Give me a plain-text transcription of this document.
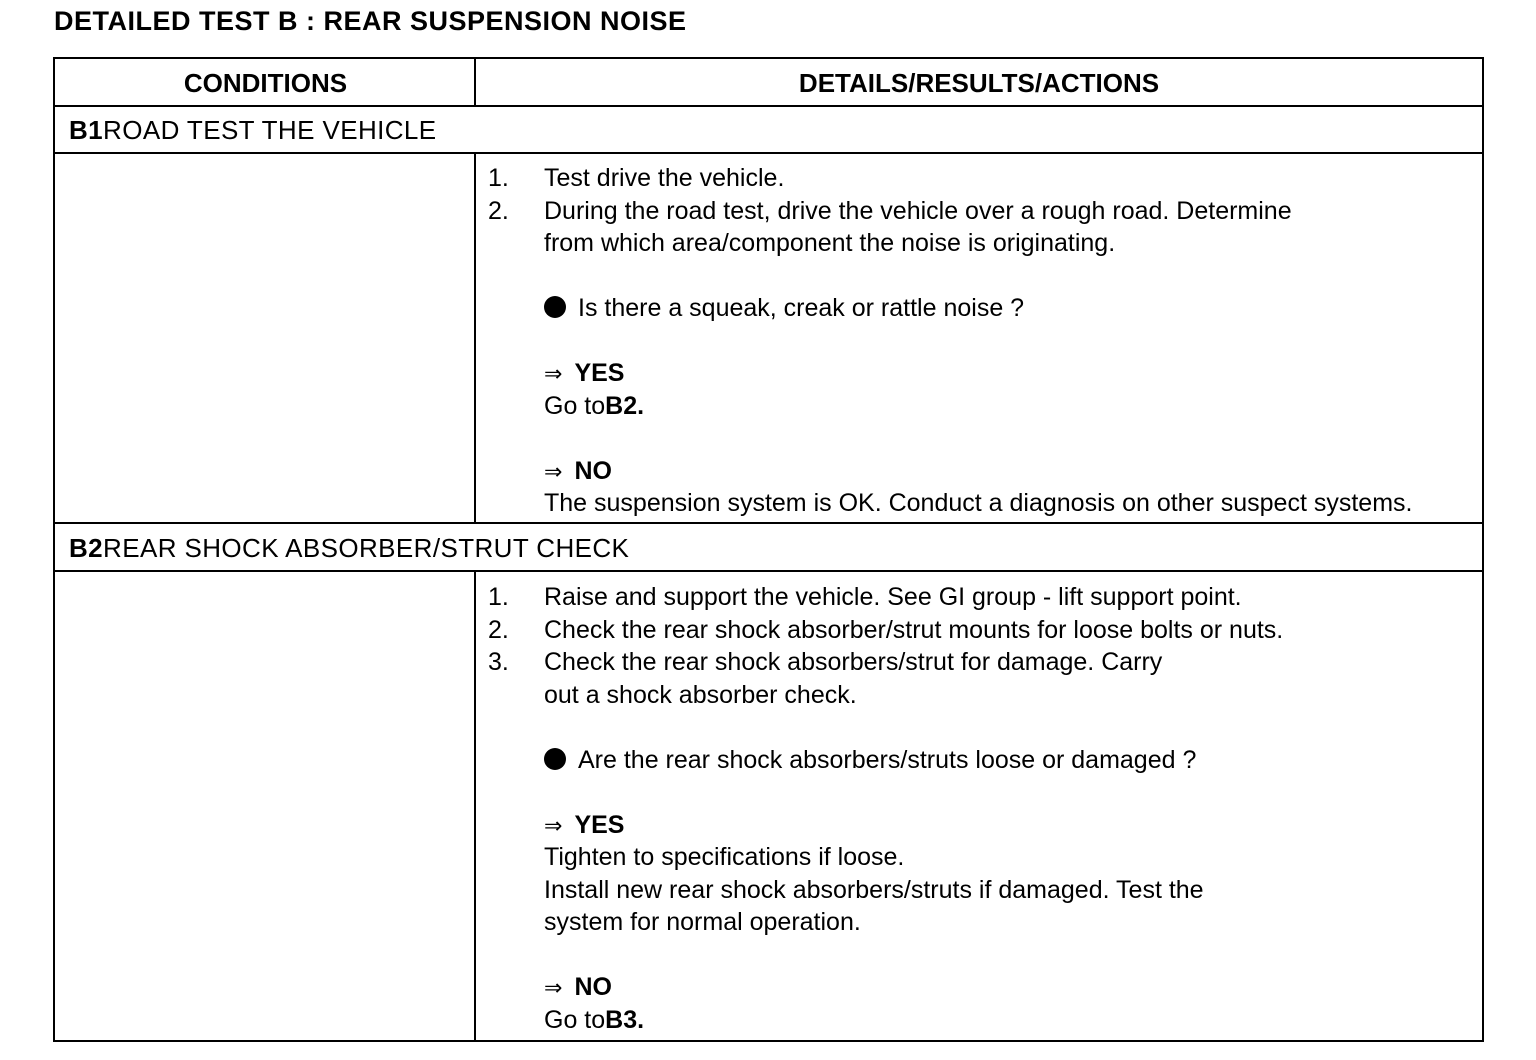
DETAILED TEST B : REAR SUSPENSION NOISE
CONDITIONS	DETAILS/RESULTS/ACTIONS
B1ROAD TEST THE VEHICLE
1. Test drive the vehicle.
2. During the road test, drive the vehicle over a rough road. Determine
from which area/component the noise is originating.
Is there a squeak, creak or rattle noise ?
⇒ YES
Go toB2.
⇒ NO
The suspension system is OK. Conduct a diagnosis on other suspect systems.
B2REAR SHOCK ABSORBER/STRUT CHECK
1. Raise and support the vehicle. See GI group - lift support point.
2. Check the rear shock absorber/strut mounts for loose bolts or nuts.
3. Check the rear shock absorbers/strut for damage. Carry
out a shock absorber check.
Are the rear shock absorbers/struts loose or damaged ?
⇒ YES
Tighten to specifications if loose.
Install new rear shock absorbers/struts if damaged. Test the
system for normal operation.
⇒ NO
Go toB3.
